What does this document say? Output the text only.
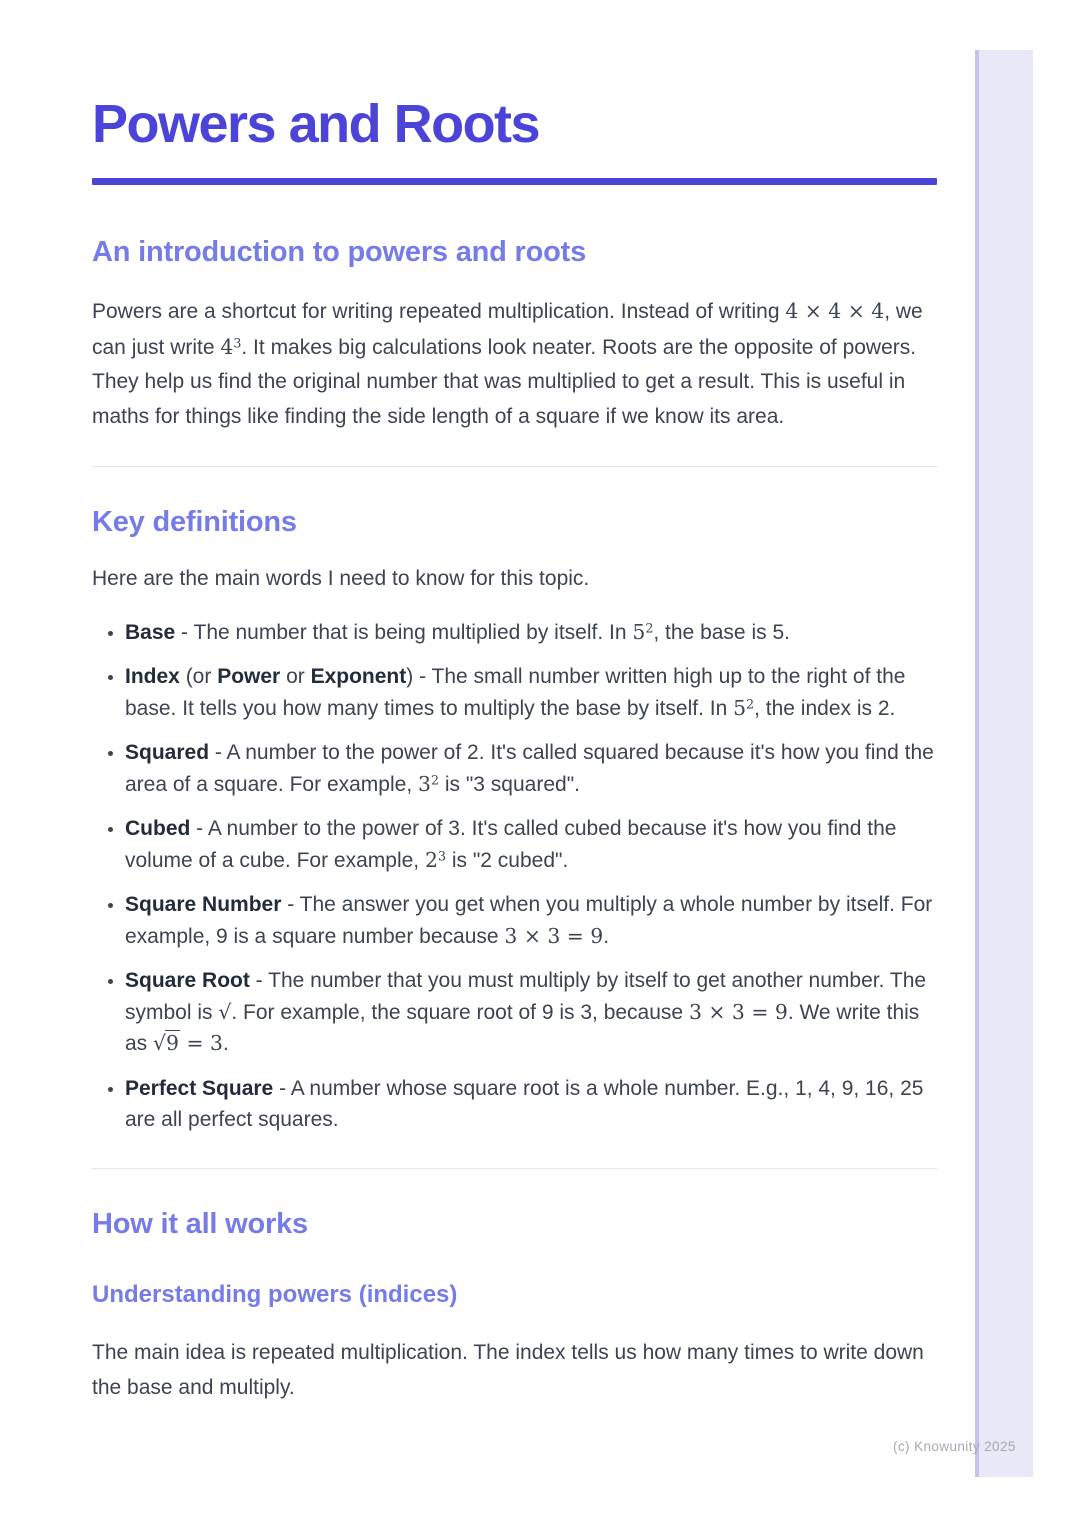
Powers and Roots
An introduction to powers and roots

Powers are a shortcut for writing repeated multiplication. Instead of writing 4 × 4 × 4, we can just write $4^3$. It makes big calculations look neater. Roots are the opposite of powers. They help us find the original number that was multiplied to get a result. This is useful in maths for things like finding the side length of a square if we know its area.

Key definitions

Here are the main words I need to know for this topic.

• Base - The number that is being multiplied by itself. In $5^2$, the base is 5.
• Index (or Power or Exponent) - The small number written high up to the right of the base. It tells you how many times to multiply the base by itself. In $5^2$, the index is 2.
• Squared - A number to the power of 2. It's called squared because it's how you find the area of a square. For example, $3^2$ is "3 squared".
• Cubed - A number to the power of 3. It's called cubed because it's how you find the volume of a cube. For example, $2^3$ is "2 cubed".
• Square Number - The answer you get when you multiply a whole number by itself. For example, 9 is a square number because 3 × 3 = 9.
• Square Root - The number that you must multiply by itself to get another number. The symbol is √. For example, the square root of 9 is 3, because 3 × 3 = 9. We write this as √9 = 3.
• Perfect Square - A number whose square root is a whole number. E.g., 1, 4, 9, 16, 25 are all perfect squares.
How it all works
Understanding powers (indices)

The main idea is repeated multiplication. The index tells us how many times to write down the base and multiply.

(c) Knowunity 2025
